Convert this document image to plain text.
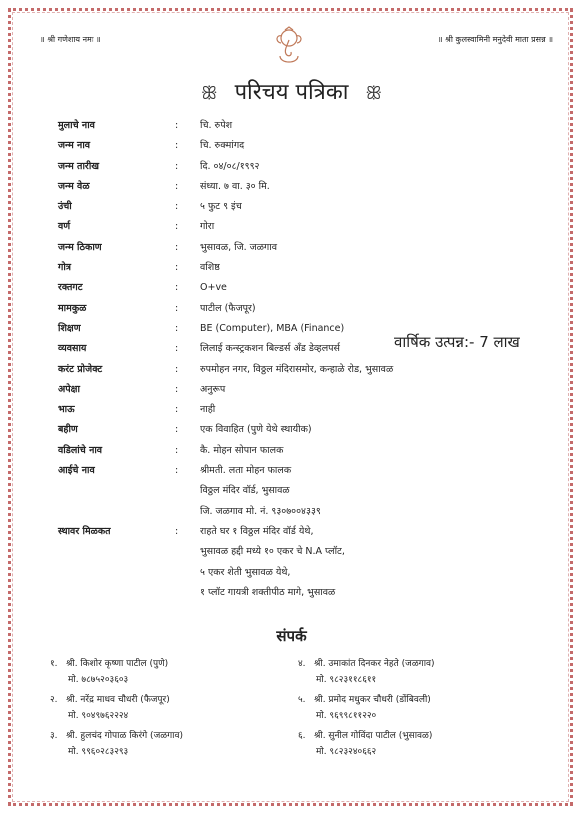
॥ श्री गणेशाय नमः ॥	॥ श्री कुलस्वामिनी मनुदेवी माता प्रसन्न ॥
ꕥ परिचय पत्रिका ꕥ
मुलाचे नाव	: चि. रुपेश
जन्म नाव	: चि. रुक्मांगद
जन्म तारीख	: दि. ०४/०८/१९९२
जन्म वेळ	: संध्या. ७ वा. ३० मि.
उंची	: ५ फुट ९ इंच
वर्ण	: गोरा
जन्म ठिकाण	: भुसावळ, जि. जळगाव
गोत्र	: वशिष्ठ
रक्तगट	: O+ve
मामकुळ	: पाटील (फैजपूर)
शिक्षण	: BE (Computer), MBA (Finance)
व्यवसाय	: लिलाई कन्स्ट्रकशन बिल्डर्स अँड डेव्हलपर्स
करंट प्रोजेक्ट	: रुपमोहन नगर, विठ्ठल मंदिरासमोर, कन्हाळे रोड, भुसावळ
अपेक्षा	: अनुरूप
भाऊ	: नाही
बहीण	: एक विवाहित (पुणे येथे स्थायीक)
वडिलांचे नाव	: कै. मोहन सोपान फालक
आईचे नाव	: श्रीमती. लता मोहन फालक
विठ्ठल मंदिर वॉर्ड, भुसावळ
जि. जळगाव मो. नं. ९३०७००४३३९
स्थावर मिळकत	: राहते घर १ विठ्ठल मंदिर वॉर्ड येथे,
भुसावळ हद्दी मध्ये १० एकर चे N.A प्लॉट,
५ एकर शेती भुसावळ येथे,
१ प्लॉट गायत्री शक्तीपीठ मागे, भुसावळ
वार्षिक उत्पन्न:- 7 लाख
संपर्क
१. श्री. किशोर कृष्णा पाटील (पुणे)
मो. ७८७५२०३६०३
२. श्री. नरेंद्र माधव चौधरी (फैजपूर)
मो. ९०४९७६२२२४
३. श्री. हुलचंद गोपाळ किरंगे (जळगाव)
मो. ९९६०२८३२९३
४. श्री. उमाकांत दिनकर नेहते (जळगाव)
मो. ९८२३११८६११
५. श्री. प्रमोद मधुकर चौधरी (डोंबिवली)
मो. ९६९९८११२२०
६. श्री. सुनील गोविंदा पाटील (भुसावळ)
मो. ९८२३२४०६६२
